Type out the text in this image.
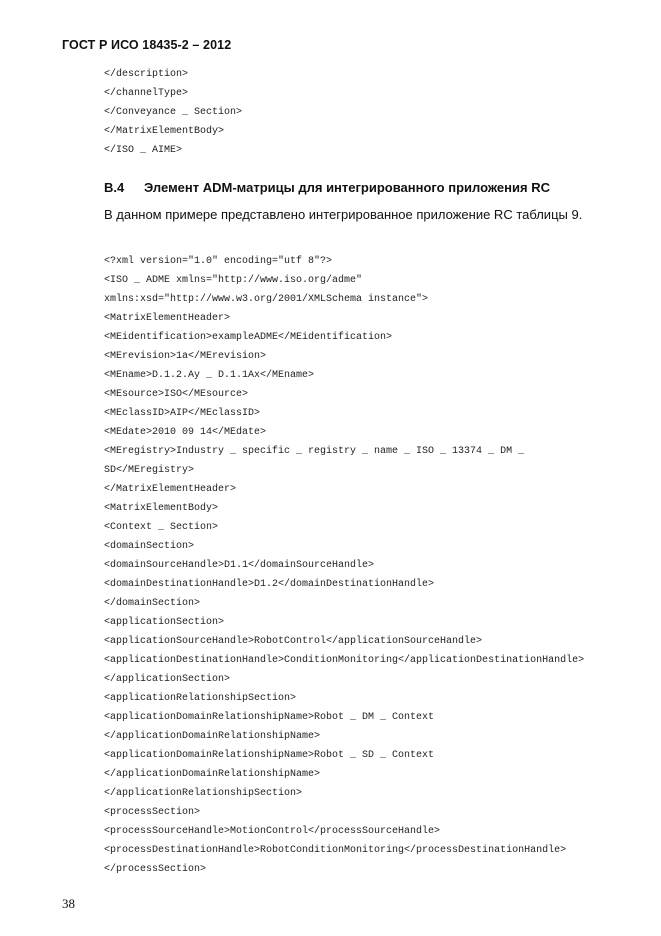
ГОСТ Р ИСО 18435-2 – 2012
</description>
</channelType>
</Conveyance _ Section>
</MatrixElementBody>
</ISO _ AIME>
B.4 Элемент ADM-матрицы для интегрированного приложения RC
В данном примере представлено интегрированное приложение RC таблицы 9.
<?xml version="1.0" encoding="utf 8"?>
<ISO _ ADME xmlns="http://www.iso.org/adme"
xmlns:xsd="http://www.w3.org/2001/XMLSchema instance">
<MatrixElementHeader>
<MEidentification>exampleADME</MEidentification>
<MErevision>1a</MErevision>
<MEname>D.1.2.Ay _ D.1.1Ax</MEname>
<MEsource>ISO</MEsource>
<MEclassID>AIP</MEclassID>
<MEdate>2010 09 14</MEdate>
<MEregistry>Industry _ specific _ registry _ name _ ISO _ 13374 _ DM _
SD</MEregistry>
</MatrixElementHeader>
<MatrixElementBody>
<Context _ Section>
<domainSection>
<domainSourceHandle>D1.1</domainSourceHandle>
<domainDestinationHandle>D1.2</domainDestinationHandle>
</domainSection>
<applicationSection>
<applicationSourceHandle>RobotControl</applicationSourceHandle>
<applicationDestinationHandle>ConditionMonitoring</applicationDestinationHandle>
</applicationSection>
<applicationRelationshipSection>
<applicationDomainRelationshipName>Robot _ DM _ Context
</applicationDomainRelationshipName>
<applicationDomainRelationshipName>Robot _ SD _ Context
</applicationDomainRelationshipName>
</applicationRelationshipSection>
<processSection>
<processSourceHandle>MotionControl</processSourceHandle>
<processDestinationHandle>RobotConditionMonitoring</processDestinationHandle>
</processSection>
38
